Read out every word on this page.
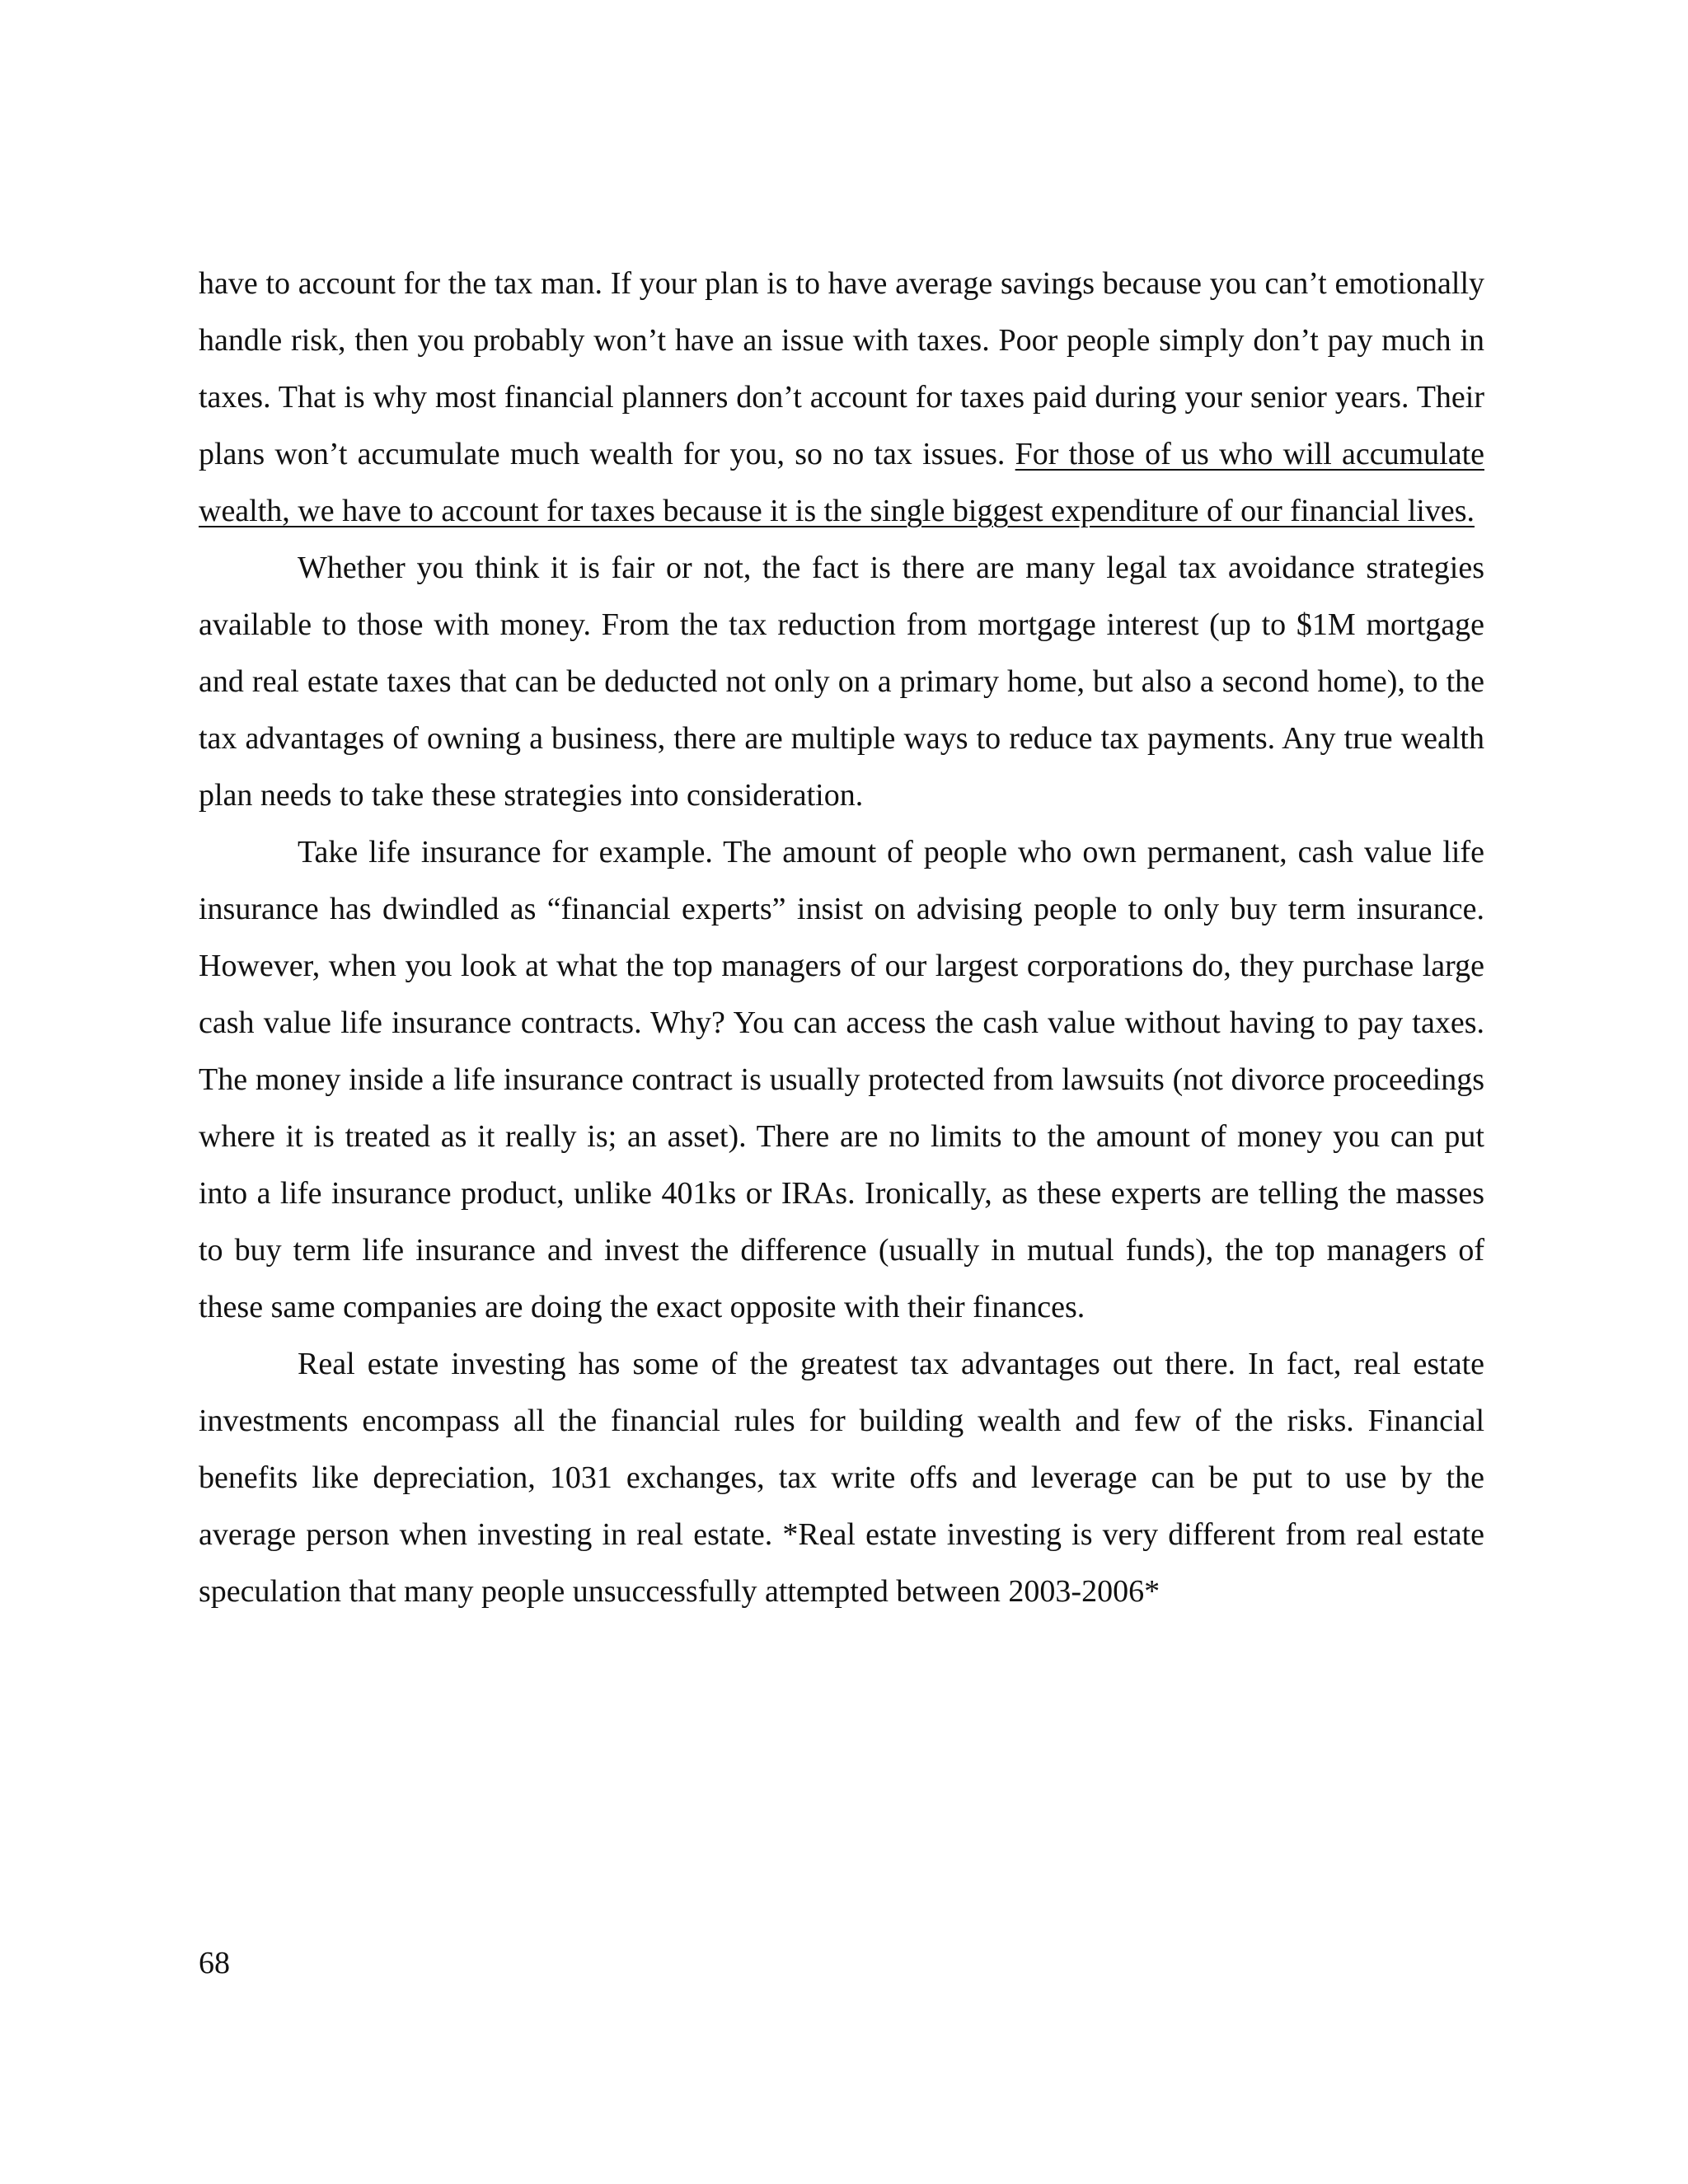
have to account for the tax man. If your plan is to have average savings because you can’t emotionally handle risk, then you probably won’t have an issue with taxes. Poor people simply don’t pay much in taxes. That is why most financial planners don’t account for taxes paid during your senior years. Their plans won’t accumulate much wealth for you, so no tax issues. For those of us who will accumulate wealth, we have to account for taxes because it is the single biggest expenditure of our financial lives.

Whether you think it is fair or not, the fact is there are many legal tax avoidance strategies available to those with money. From the tax reduction from mortgage interest (up to $1M mortgage and real estate taxes that can be deducted not only on a primary home, but also a second home), to the tax advantages of owning a business, there are multiple ways to reduce tax payments. Any true wealth plan needs to take these strategies into consideration.

Take life insurance for example. The amount of people who own permanent, cash value life insurance has dwindled as “financial experts” insist on advising people to only buy term insurance. However, when you look at what the top managers of our largest corporations do, they purchase large cash value life insurance contracts. Why? You can access the cash value without having to pay taxes. The money inside a life insurance contract is usually protected from lawsuits (not divorce proceedings where it is treated as it really is; an asset). There are no limits to the amount of money you can put into a life insurance product, unlike 401ks or IRAs. Ironically, as these experts are telling the masses to buy term life insurance and invest the difference (usually in mutual funds), the top managers of these same companies are doing the exact opposite with their finances.

Real estate investing has some of the greatest tax advantages out there. In fact, real estate investments encompass all the financial rules for building wealth and few of the risks. Financial benefits like depreciation, 1031 exchanges, tax write offs and leverage can be put to use by the average person when investing in real estate. *Real estate investing is very different from real estate speculation that many people unsuccessfully attempted between 2003-2006*

68
